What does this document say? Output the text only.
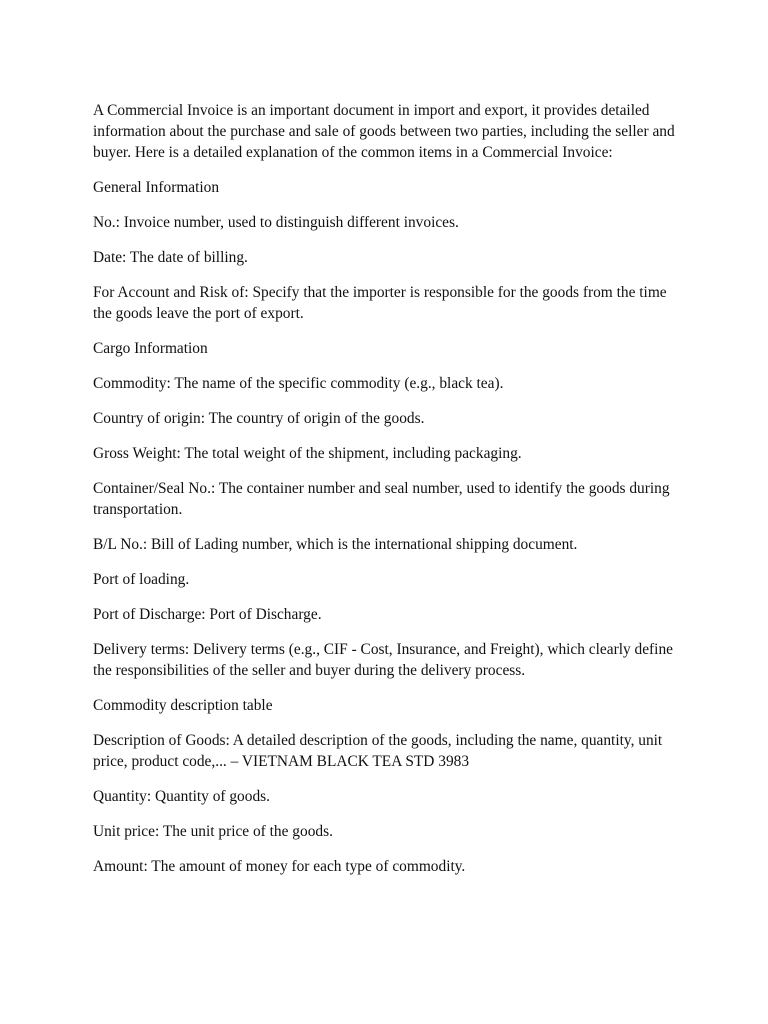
A Commercial Invoice is an important document in import and export, it provides detailed information about the purchase and sale of goods between two parties, including the seller and buyer. Here is a detailed explanation of the common items in a Commercial Invoice:

General Information

No.: Invoice number, used to distinguish different invoices.

Date: The date of billing.

For Account and Risk of: Specify that the importer is responsible for the goods from the time the goods leave the port of export.

Cargo Information

Commodity: The name of the specific commodity (e.g., black tea).

Country of origin: The country of origin of the goods.

Gross Weight: The total weight of the shipment, including packaging.

Container/Seal No.: The container number and seal number, used to identify the goods during transportation.

B/L No.: Bill of Lading number, which is the international shipping document.

Port of loading.

Port of Discharge: Port of Discharge.

Delivery terms: Delivery terms (e.g., CIF - Cost, Insurance, and Freight), which clearly define the responsibilities of the seller and buyer during the delivery process.

Commodity description table

Description of Goods: A detailed description of the goods, including the name, quantity, unit price, product code,... – VIETNAM BLACK TEA STD 3983

Quantity: Quantity of goods.

Unit price: The unit price of the goods.

Amount: The amount of money for each type of commodity.
